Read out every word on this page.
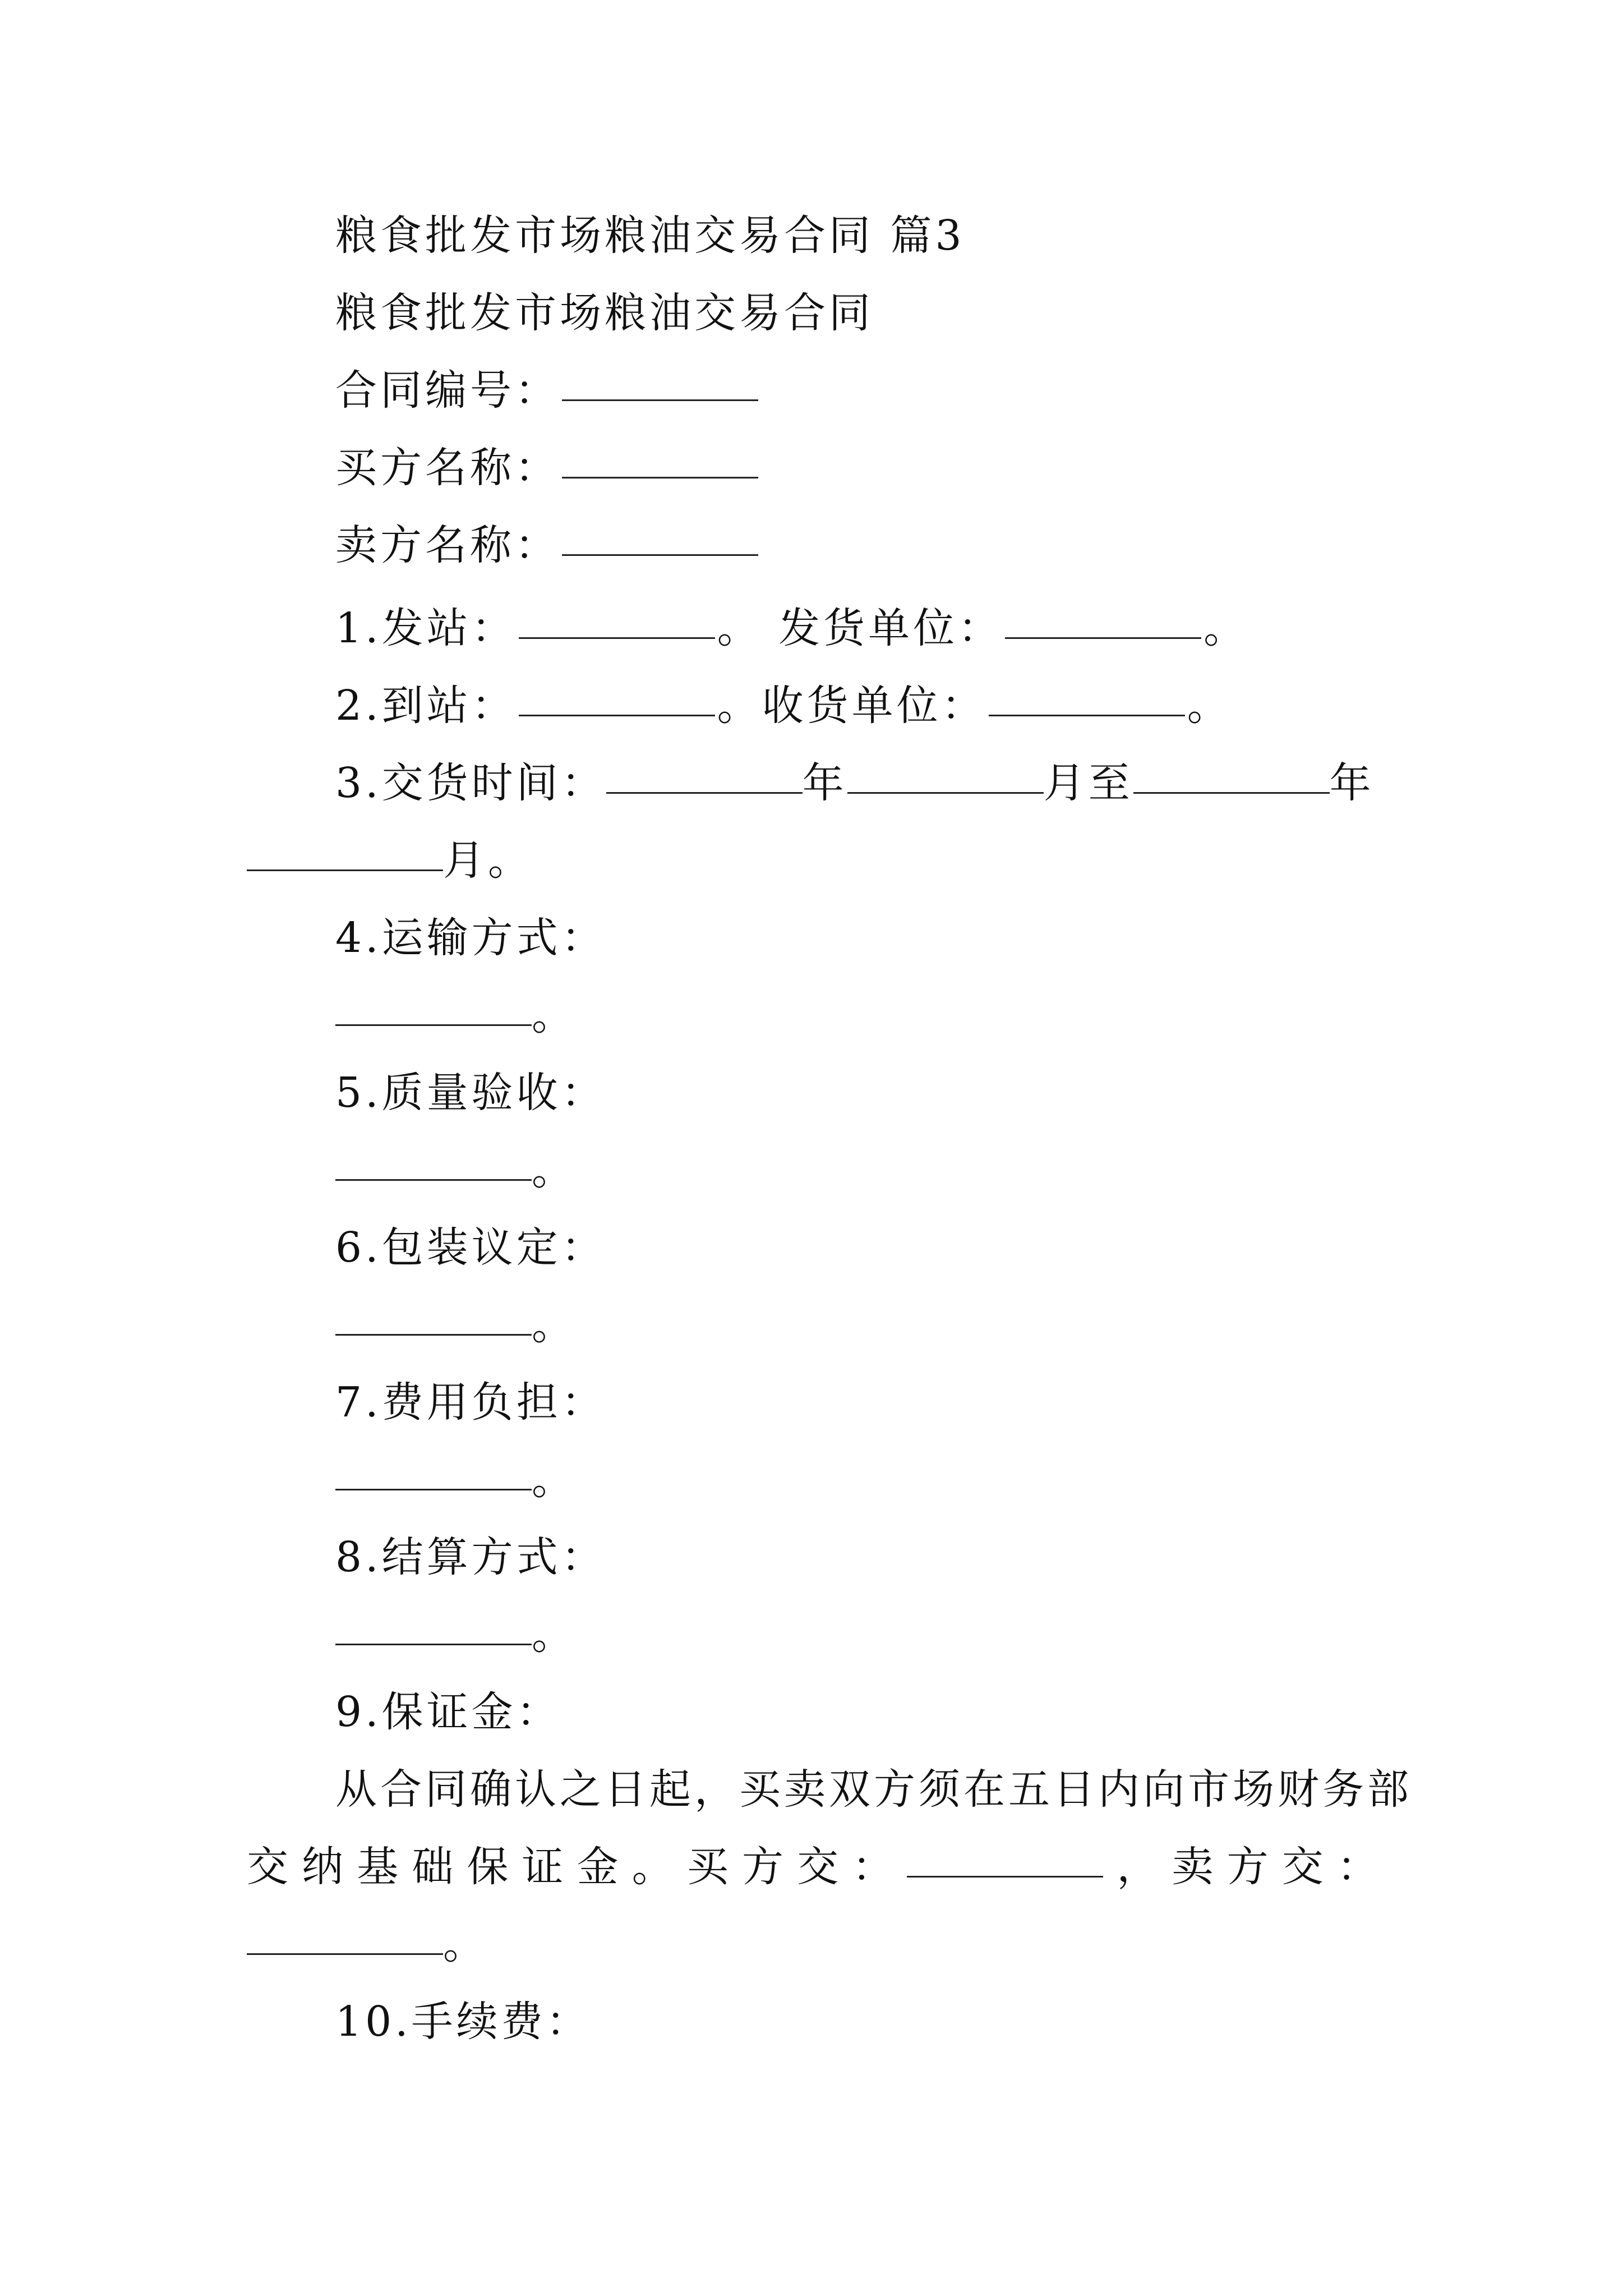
粮食批发市场粮油交易合同 篇3
粮食批发市场粮油交易合同
合同编号：
买方名称：
卖方名称：
1.发站：	。 发货单位：	。
2.到站：	。收货单位：	。
3.交货时间：	年	月至	年
月。
4.运输方式：
。
5.质量验收：
。
6.包装议定：
。
7.费用负担：
。
8.结算方式：
。
9.保证金：
从合同确认之日起，买卖双方须在五日内向市场财务部
交 纳 基 础 保 证 金 。 买 方 交 ：	， 卖 方 交 ：
。
10.手续费：
